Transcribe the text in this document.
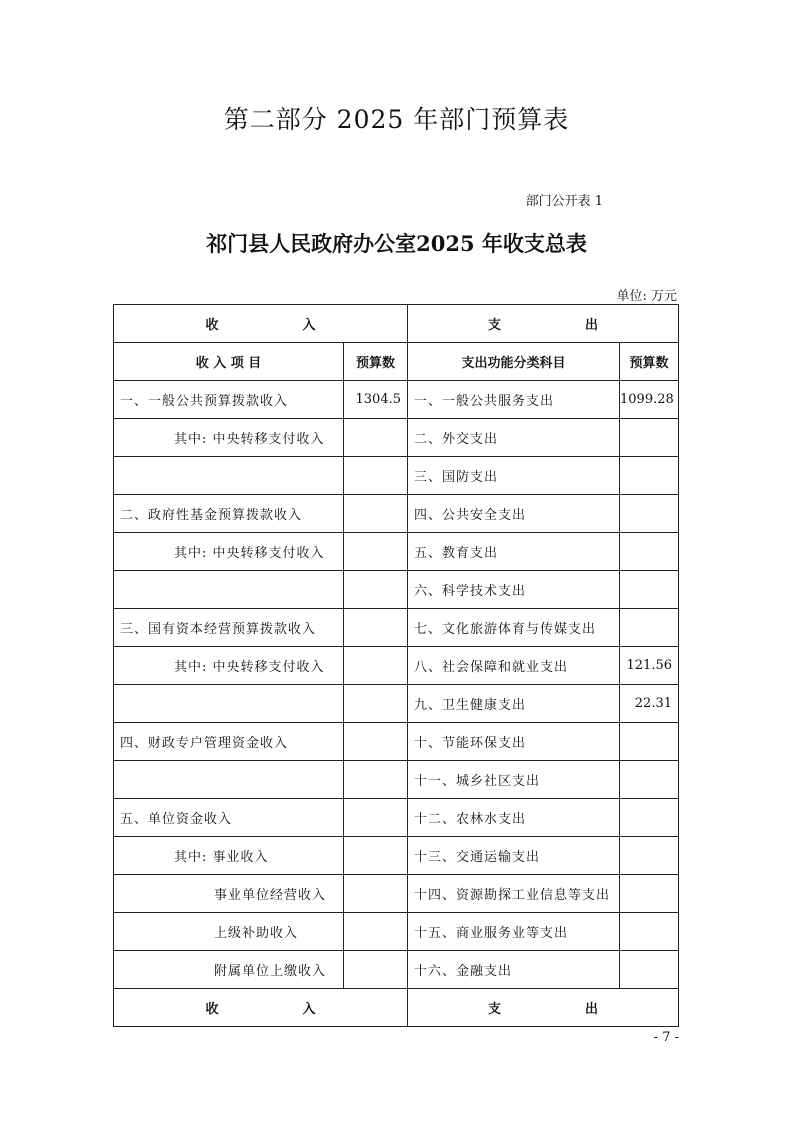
第二部分 2025 年部门预算表
部门公开表 1
祁门县人民政府办公室2025 年收支总表
单位: 万元
收 入		支 出	

收 入 项 目	预算数	支出功能分类科目	预算数
一、一般公共预算拨款收入	1304.5	一、一般公共服务支出	1099.28
其中: 中央转移支付收入		二、外交支出	
		三、国防支出	
二、政府性基金预算拨款收入		四、公共安全支出	
其中: 中央转移支付收入		五、教育支出	
		六、科学技术支出	
三、国有资本经营预算拨款收入		七、文化旅游体育与传媒支出	
其中: 中央转移支付收入		八、社会保障和就业支出	121.56
		九、卫生健康支出	22.31
四、财政专户管理资金收入		十、节能环保支出	
		十一、城乡社区支出	
五、单位资金收入		十二、农林水支出	
其中: 事业收入		十三、交通运输支出	
事业单位经营收入		十四、资源勘探工业信息等支出	
上级补助收入		十五、商业服务业等支出	
附属单位上缴收入		十六、金融支出	

收 入		支 出	
- 7 -
